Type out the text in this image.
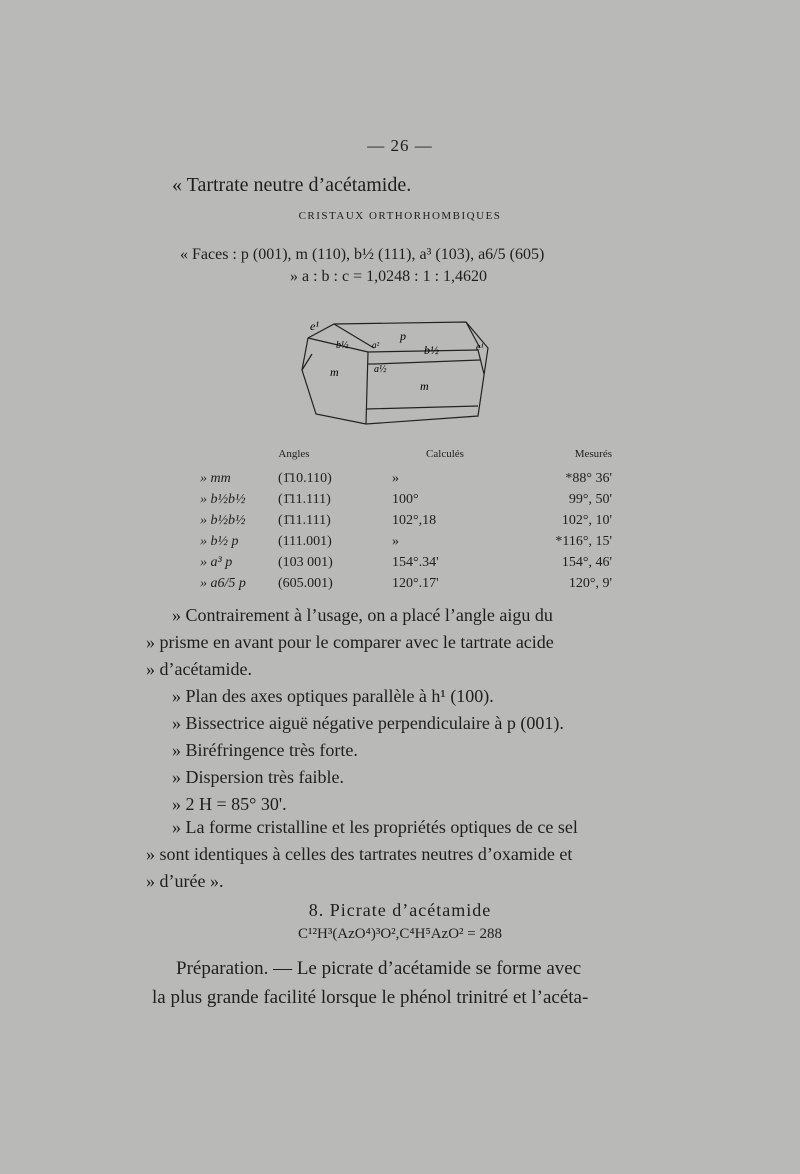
— 26 —
« Tartrate neutre d’acétamide.
CRISTAUX ORTHORHOMBIQUES
« Faces : p (001), m (110), b½ (111), a³ (103), a6/5 (605)
» a : b : c = 1,0248 : 1 : 1,4620
e¹
p
b½	a²	b½	e¹
a½
m
m
Angles		Calculés	Mesurés
» mm	(1̄10.110)	»	*88° 36'
» b½b½	(1̄11.111)	100°	99°, 50'
» b½b½	(1̄11.111)	102°,18	102°, 10'
» b½ p	(111.001)	»	*116°, 15'
» a³ p	(103 001)	154°.34'	154°, 46'
» a6/5 p	(605.001)	120°.17'	120°, 9'

» Contrairement à l’usage, on a placé l’angle aigu du

» prisme en avant pour le comparer avec le tartrate acide

» d’acétamide.

» Plan des axes optiques parallèle à h¹ (100).

» Bissectrice aiguë négative perpendiculaire à p (001).

» Biréfringence très forte.

» Dispersion très faible.

» 2 H = 85° 30'.

» La forme cristalline et les propriétés optiques de ce sel

» sont identiques à celles des tartrates neutres d’oxamide et

» d’urée ».

8. Picrate d’acétamide
C¹²H³(AzO⁴)³O²,C⁴H⁵AzO² = 288

Préparation. — Le picrate d’acétamide se forme avec

la plus grande facilité lorsque le phénol trinitré et l’acéta-
